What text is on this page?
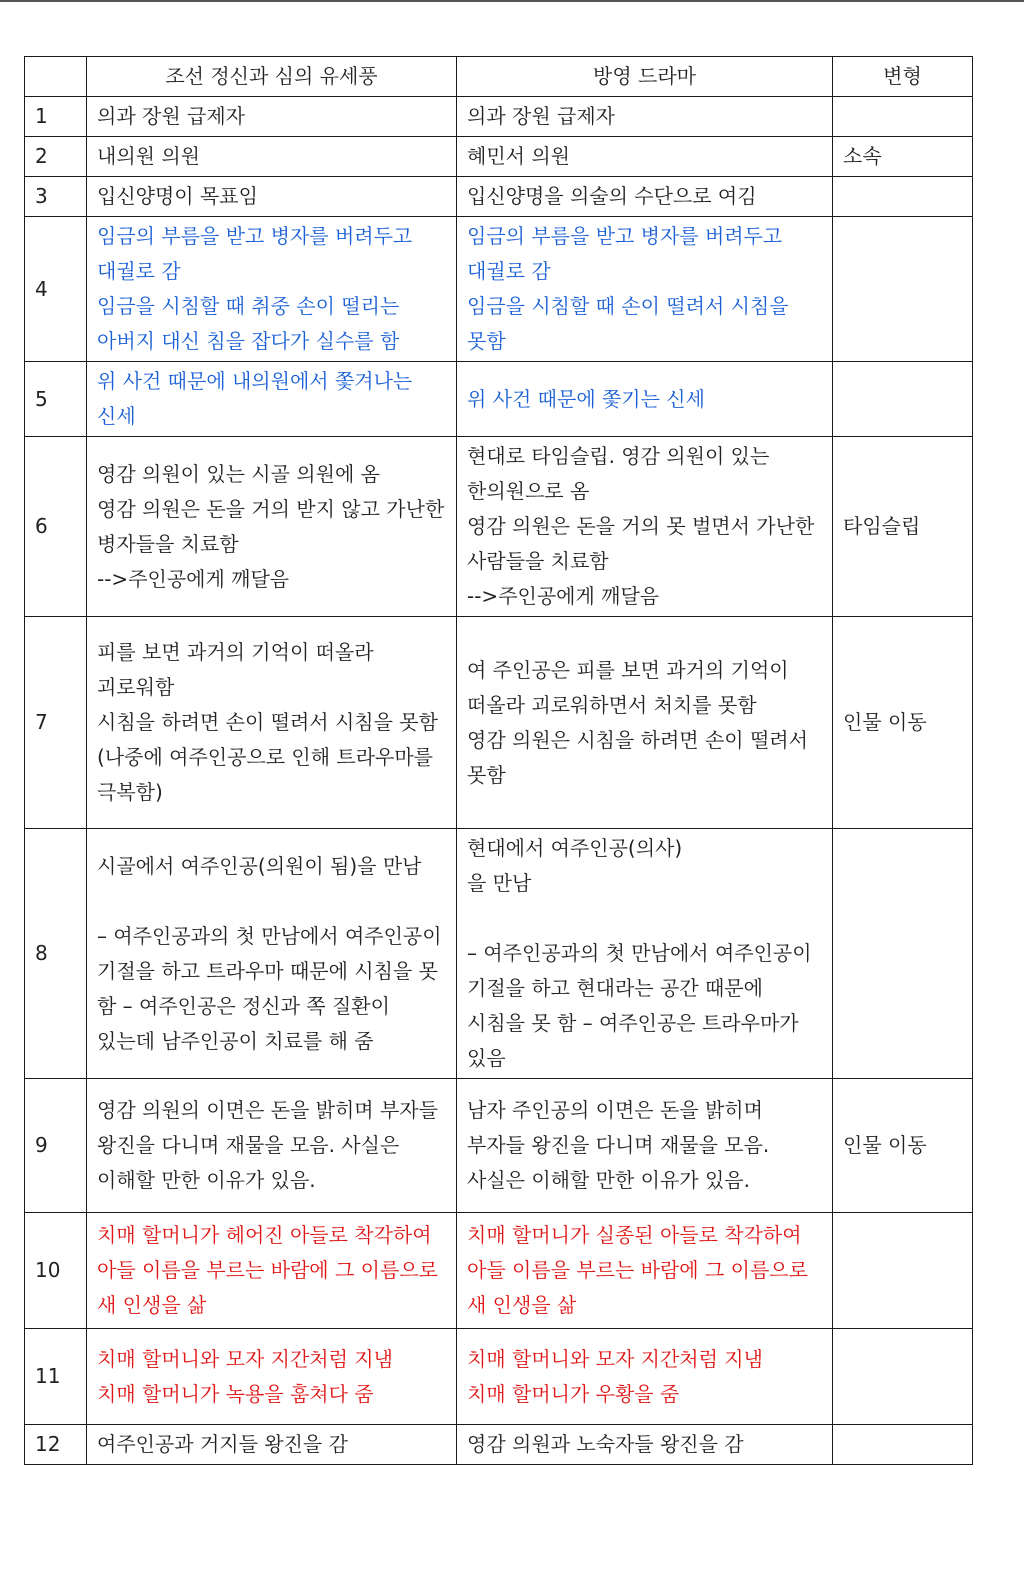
	조선 정신과 심의 유세풍	방영 드라마	변형
1	의과 장원 급제자	의과 장원 급제자	

2	내의원 의원	혜민서 의원	소속
3	입신양명이 목표임	입신양명을 의술의 수단으로 여김	

4	임금의 부름을 받고 병자를 버려두고 대궐로 감
임금을 시침할 때 취중 손이 떨리는 아버지 대신 침을 잡다가 실수를 함	임금의 부름을 받고 병자를 버려두고 대궐로 감
임금을 시침할 때 손이 떨려서 시침을 못함	

5	위 사건 때문에 내의원에서 쫓겨나는 신세	위 사건 때문에 쫓기는 신세	

6	영감 의원이 있는 시골 의원에 옴
영감 의원은 돈을 거의 받지 않고 가난한 병자들을 치료함
-->주인공에게 깨달음	현대로 타임슬립. 영감 의원이 있는 한의원으로 옴
영감 의원은 돈을 거의 못 벌면서 가난한 사람들을 치료함
-->주인공에게 깨달음	타임슬립
7	피를 보면 과거의 기억이 떠올라 괴로워함
시침을 하려면 손이 떨려서 시침을 못함
(나중에 여주인공으로 인해 트라우마를 극복함)	여 주인공은 피를 보면 과거의 기억이 떠올라 괴로워하면서 처치를 못함
영감 의원은 시침을 하려면 손이 떨려서 못함	인물 이동
8	시골에서 여주인공(의원이 됨)을 만남
– 여주인공과의 첫 만남에서 여주인공이 기절을 하고 트라우마 때문에 시침을 못 함 – 여주인공은 정신과 쪽 질환이 있는데 남주인공이 치료를 해 줌	현대에서 여주인공(의사)
을 만남
– 여주인공과의 첫 만남에서 여주인공이 기절을 하고 현대라는 공간 때문에 시침을 못 함 – 여주인공은 트라우마가 있음	

9	영감 의원의 이면은 돈을 밝히며 부자들 왕진을 다니며 재물을 모음. 사실은 이해할 만한 이유가 있음.	남자 주인공의 이면은 돈을 밝히며 부자들 왕진을 다니며 재물을 모음. 사실은 이해할 만한 이유가 있음.	인물 이동
10	치매 할머니가 헤어진 아들로 착각하여 아들 이름을 부르는 바람에 그 이름으로 새 인생을 삶	치매 할머니가 실종된 아들로 착각하여 아들 이름을 부르는 바람에 그 이름으로 새 인생을 삶	

11	치매 할머니와 모자 지간처럼 지냄
치매 할머니가 녹용을 훔쳐다 줌	치매 할머니와 모자 지간처럼 지냄
치매 할머니가 우황을 줌	

12	여주인공과 거지들 왕진을 감	영감 의원과 노숙자들 왕진을 감	
